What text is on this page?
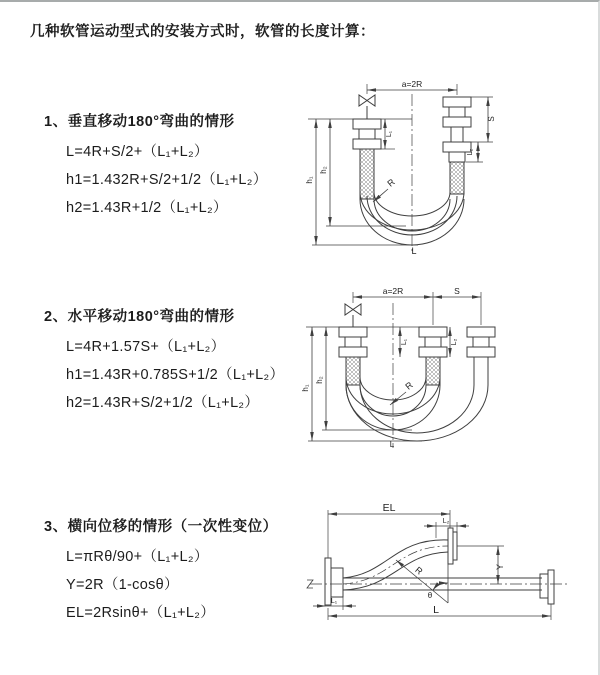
几种软管运动型式的安装方式时，软管的长度计算：
1、垂直移动180°弯曲的情形
L=4R+S/2+（L₁+L₂）
h1=1.432R+S/2+1/2（L₁+L₂）
h2=1.43R+1/2（L₁+L₂）
2、水平移动180°弯曲的情形
L=4R+1.57S+（L₁+L₂）
h1=1.43R+0.785S+1/2（L₁+L₂）
h2=1.43R+S/2+1/2（L₁+L₂）
3、横向位移的情形（一次性变位）
L=πRθ/90+（L₁+L₂）
Y=2R（1-cosθ）
EL=2Rsinθ+（L₁+L₂）
a=2R
h₁
h₂
L₁
S
L₂
R
L
a=2R	S
h₁
h₂
L₁	L₂
R
L
EL
L₂
Y
R
θ
L
L₁
